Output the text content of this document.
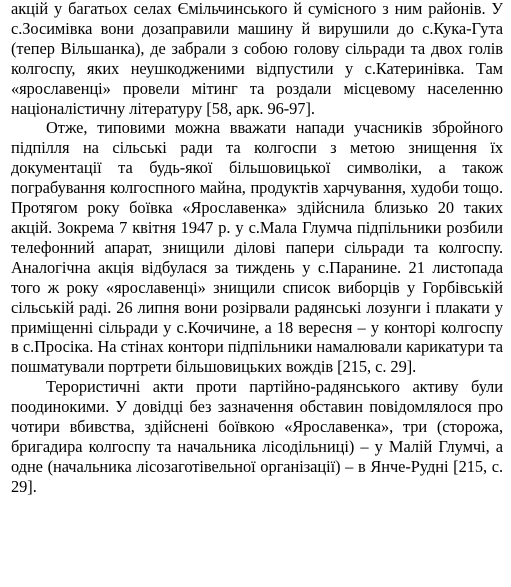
акцій у багатьох селах Ємільчинського й сумісного з ним районів. У с.Зосимівка вони дозаправили машину й вирушили до с.Кука-Гута (тепер Вільшанка), де забрали з собою голову сільради та двох голів колгоспу, яких неушкодженими відпустили у с.Катеринівка. Там «ярославенці» провели мітинг та роздали місцевому населенню націоналістичну літературу [58, арк. 96-97].

Отже, типовими можна вважати напади учасників збройного підпілля на сільські ради та колгоспи з метою знищення їх документації та будь-якої більшовицької символіки, а також пограбування колгоспного майна, продуктів харчування, худоби тощо. Протягом року боївка «Ярославенка» здійснила близько 20 таких акцій. Зокрема 7 квітня 1947 р. у с.Мала Глумча підпільники розбили телефонний апарат, знищили ділові папери сільради та колгоспу. Аналогічна акція відбулася за тиждень у с.Паранине. 21 листопада того ж року «ярославенці» знищили список виборців у Горбівській сільській раді. 26 липня вони розірвали радянські лозунги і плакати у приміщенні сільради у с.Кочичине, а 18 вересня – у конторі колгоспу в с.Просіка. На стінах контори підпільники намалювали карикатури та пошматували портрети більшовицьких вождів [215, с. 29].

Терористичні акти проти партійно-радянського активу були поодинокими. У довідці без зазначення обставин повідомлялося про чотири вбивства, здійснені боївкою «Ярославенка», три (сторожа, бригадира колгоспу та начальника лісодільниці) – у Малій Глумчі, а одне (начальника лісозаготівельної організації) – в Янче-Рудні [215, с. 29].
